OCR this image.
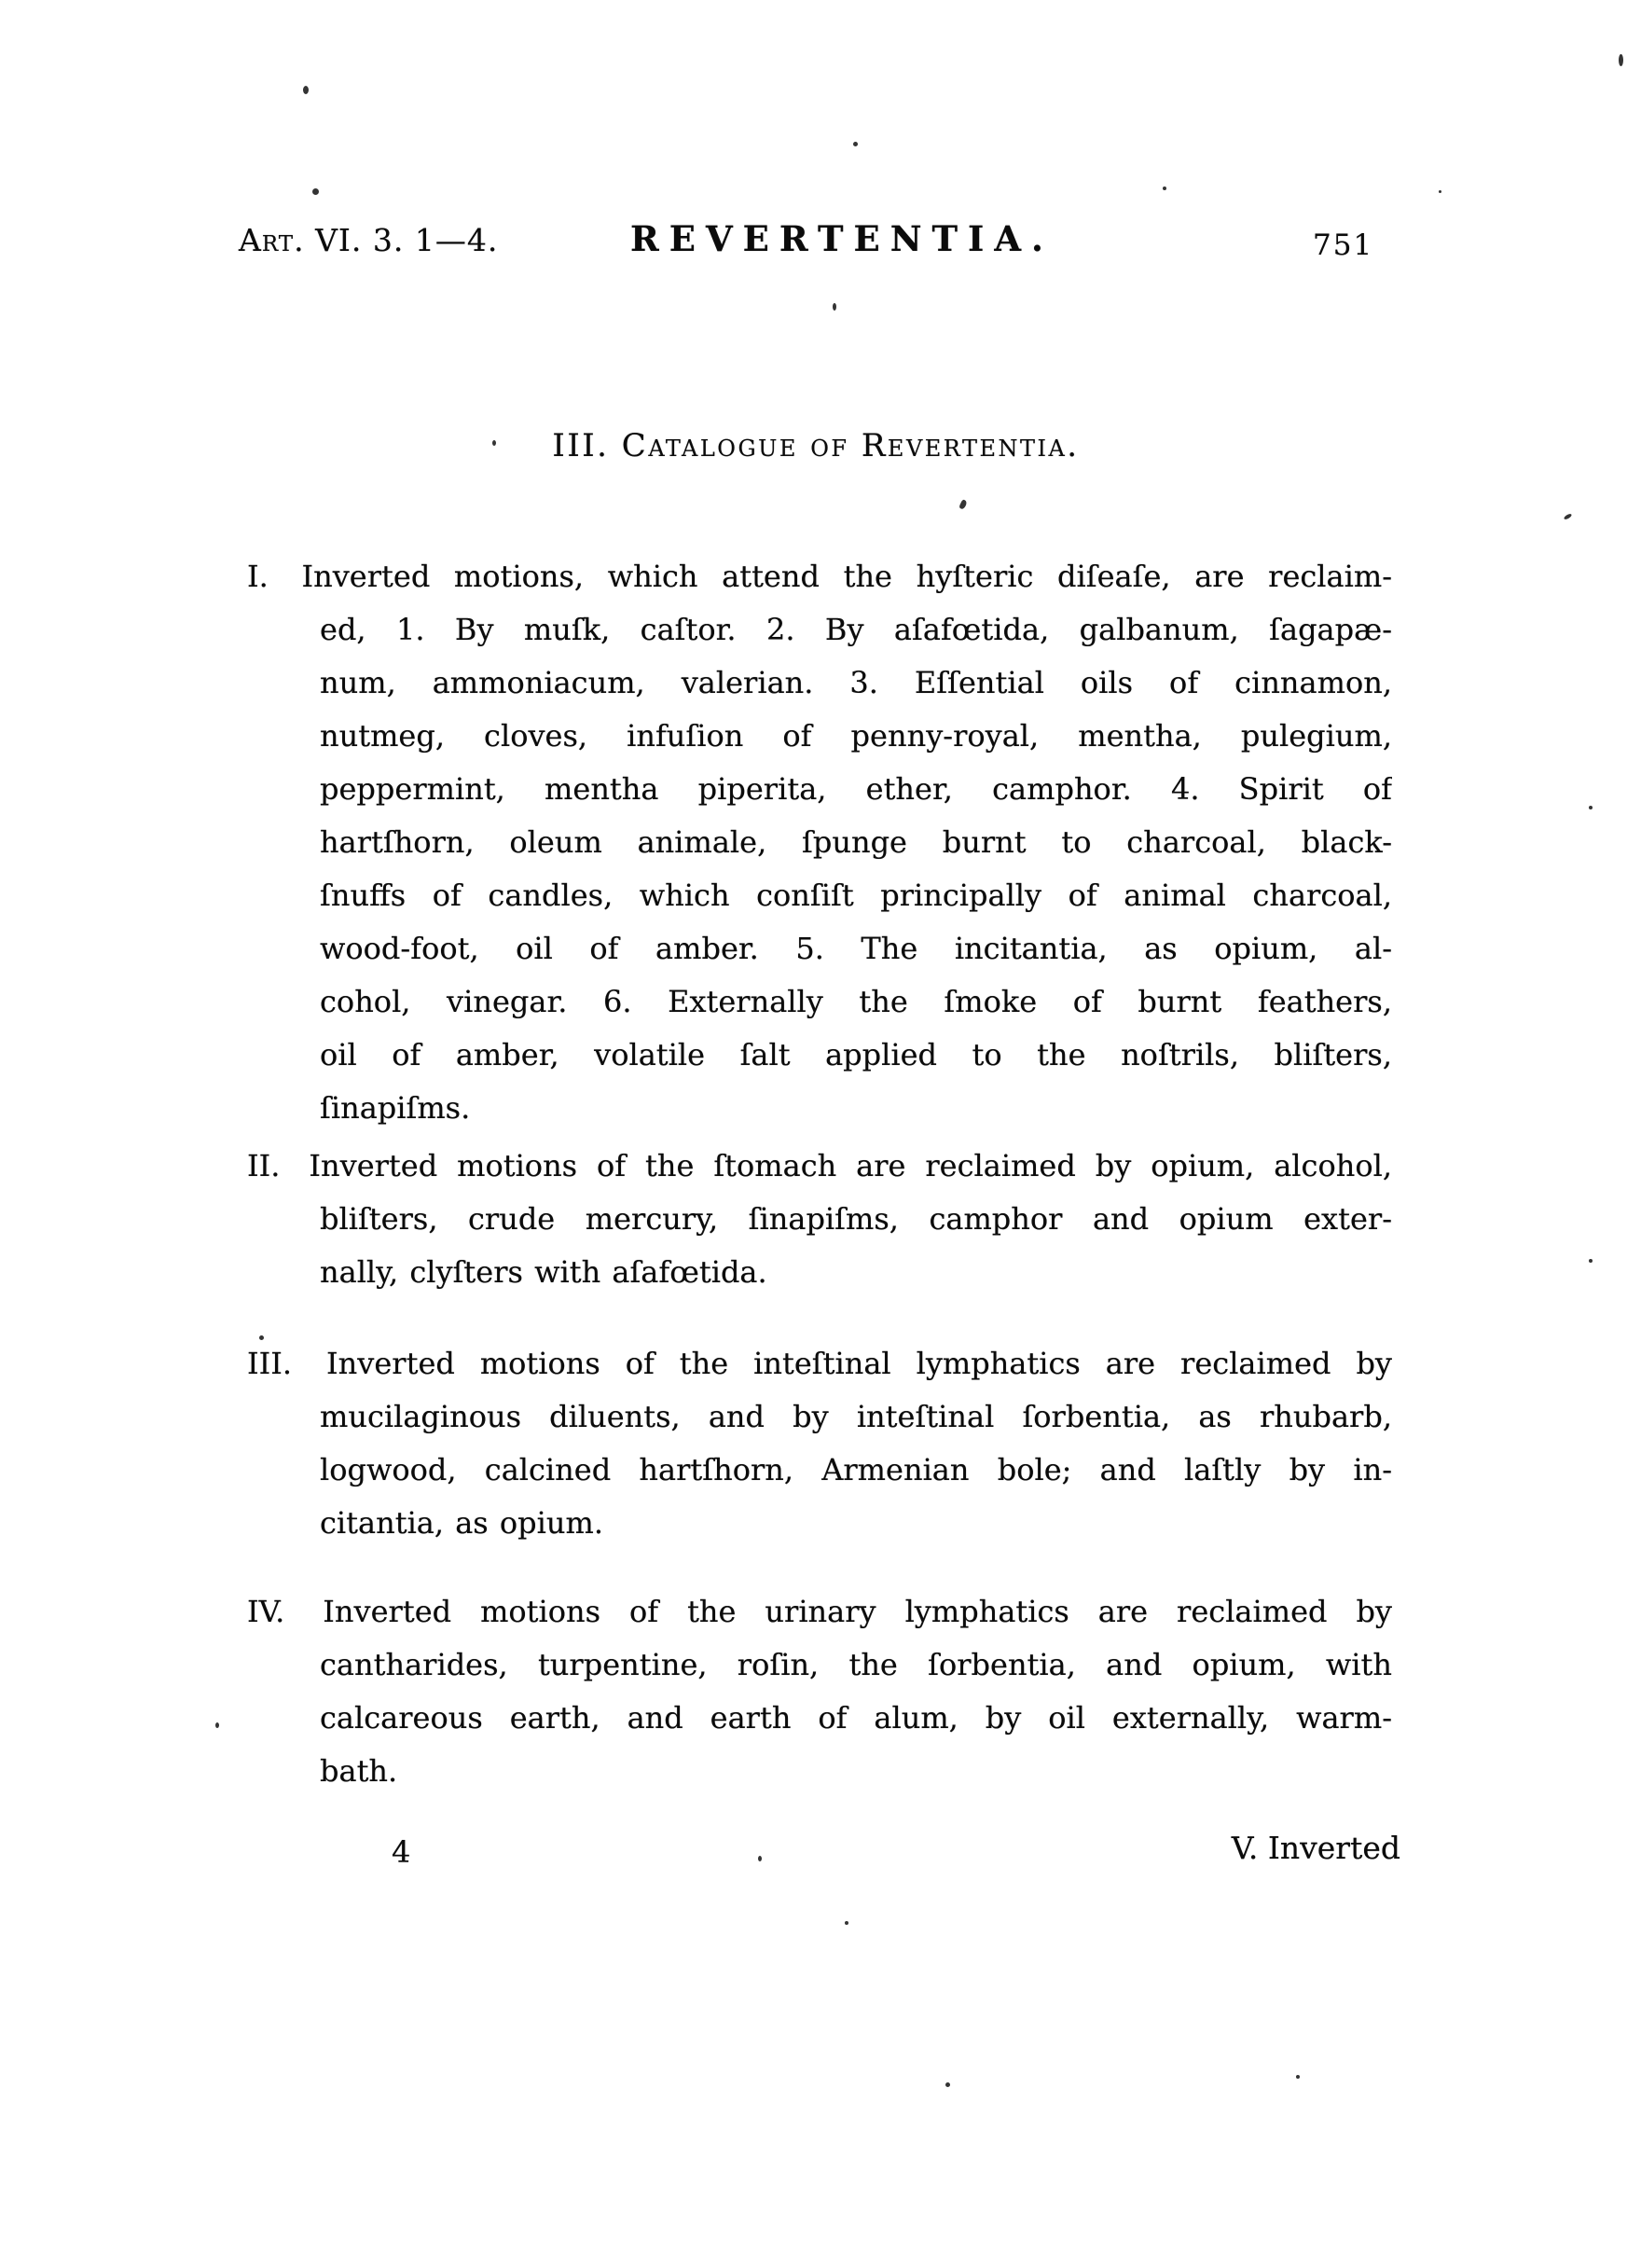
Art. VI. 3. 1—4.	REVERTENTIA.	751
III. Catalogue of Revertentia.
I. Inverted motions, which attend the hyſteric diſeaſe, are reclaim-
ed, 1. By muſk, caſtor. 2. By aſafœtida, galbanum, ſagapæ-
num, ammoniacum, valerian. 3. Eſſential oils of cinnamon,
nutmeg, cloves, infuſion of penny-royal, mentha, pulegium,
peppermint, mentha piperita, ether, camphor. 4. Spirit of
hartſhorn, oleum animale, ſpunge burnt to charcoal, black-
ſnuffs of candles, which conſiſt principally of animal charcoal,
wood-foot, oil of amber. 5. The incitantia, as opium, al-
cohol, vinegar. 6. Externally the ſmoke of burnt feathers,
oil of amber, volatile ſalt applied to the noſtrils, bliſters,
ſinapiſms.
II. Inverted motions of the ſtomach are reclaimed by opium, alcohol,
bliſters, crude mercury, ſinapiſms, camphor and opium exter-
nally, clyſters with aſafœtida.
III. Inverted motions of the inteſtinal lymphatics are reclaimed by
mucilaginous diluents, and by inteſtinal ſorbentia, as rhubarb,
logwood, calcined hartſhorn, Armenian bole; and laſtly by in-
citantia, as opium.
IV. Inverted motions of the urinary lymphatics are reclaimed by
cantharides, turpentine, roſin, the ſorbentia, and opium, with
calcareous earth, and earth of alum, by oil externally, warm-
bath.
4	V. Inverted
